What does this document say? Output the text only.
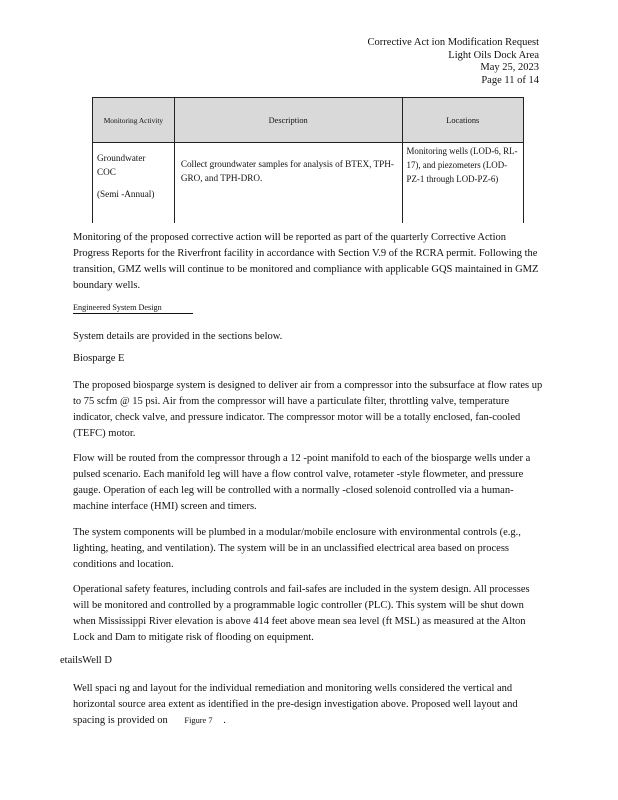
Corrective Act ion Modification Request
Light Oils Dock Area
May 25, 2023
Page 11 of 14
Monitoring Activity	Description	Locations

Groundwater
COC
(Semi -Annual)	Collect groundwater samples for analysis of BTEX, TPH-GRO, and TPH-DRO.	Monitoring wells (LOD-6, RL-17), and piezometers (LOD-PZ-1 through LOD-PZ-6)

Monitoring of the proposed corrective action will be reported as part of the quarterly Corrective Action Progress Reports for the Riverfront facility in accordance with Section V.9 of the RCRA permit. Following the transition, GMZ wells will continue to be monitored and compliance with applicable GQS maintained in GMZ boundary wells.

Engineered System Design

System details are provided in the sections below.

Biosparge E

The proposed biosparge system is designed to deliver air from a compressor into the subsurface at flow rates up to 75 scfm @ 15 psi. Air from the compressor will have a particulate filter, throttling valve, temperature indicator, check valve, and pressure indicator. The compressor motor will be a totally enclosed, fan-cooled (TEFC) motor.

Flow will be routed from the compressor through a 12 -point manifold to each of the biosparge wells under a pulsed scenario. Each manifold leg will have a flow control valve, rotameter -style flowmeter, and pressure gauge. Operation of each leg will be controlled with a normally -closed solenoid controlled via a human-machine interface (HMI) screen and timers.

The system components will be plumbed in a modular/mobile enclosure with environmental controls (e.g., lighting, heating, and ventilation). The system will be in an unclassified electrical area based on process conditions and location.

Operational safety features, including controls and fail-safes are included in the system design. All processes will be monitored and controlled by a programmable logic controller (PLC). This system will be shut down when Mississippi River elevation is above 414 feet above mean sea level (ft MSL) as measured at the Alton Lock and Dam to mitigate risk of flooding on equipment.

etailsWell D

Well spaci ng and layout for the individual remediation and monitoring wells considered the vertical and horizontal source area extent as identified in the pre-design investigation above. Proposed well layout and spacing is provided on Figure 7 .
